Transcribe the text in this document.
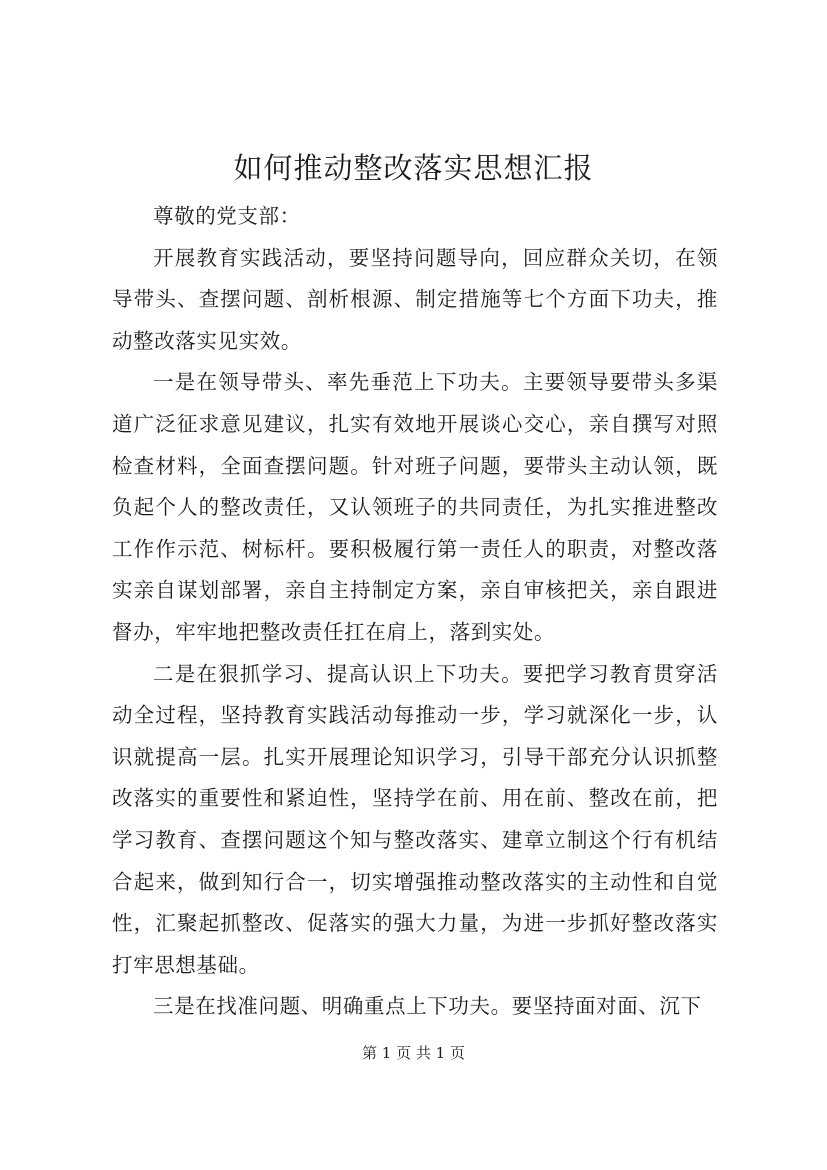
如何推动整改落实思想汇报

尊敬的党支部：

开展教育实践活动，要坚持问题导向，回应群众关切，在领导带头、查摆问题、剖析根源、制定措施等七个方面下功夫，推动整改落实见实效。

一是在领导带头、率先垂范上下功夫。主要领导要带头多渠道广泛征求意见建议，扎实有效地开展谈心交心，亲自撰写对照检查材料，全面查摆问题。针对班子问题，要带头主动认领，既负起个人的整改责任，又认领班子的共同责任，为扎实推进整改工作作示范、树标杆。要积极履行第一责任人的职责，对整改落实亲自谋划部署，亲自主持制定方案，亲自审核把关，亲自跟进督办，牢牢地把整改责任扛在肩上，落到实处。

二是在狠抓学习、提高认识上下功夫。要把学习教育贯穿活动全过程，坚持教育实践活动每推动一步，学习就深化一步，认识就提高一层。扎实开展理论知识学习，引导干部充分认识抓整改落实的重要性和紧迫性，坚持学在前、用在前、整改在前，把学习教育、查摆问题这个知与整改落实、建章立制这个行有机结合起来，做到知行合一，切实增强推动整改落实的主动性和自觉性，汇聚起抓整改、促落实的强大力量，为进一步抓好整改落实打牢思想基础。

三是在找准问题、明确重点上下功夫。要坚持面对面、沉下

第 1 页 共 1 页
